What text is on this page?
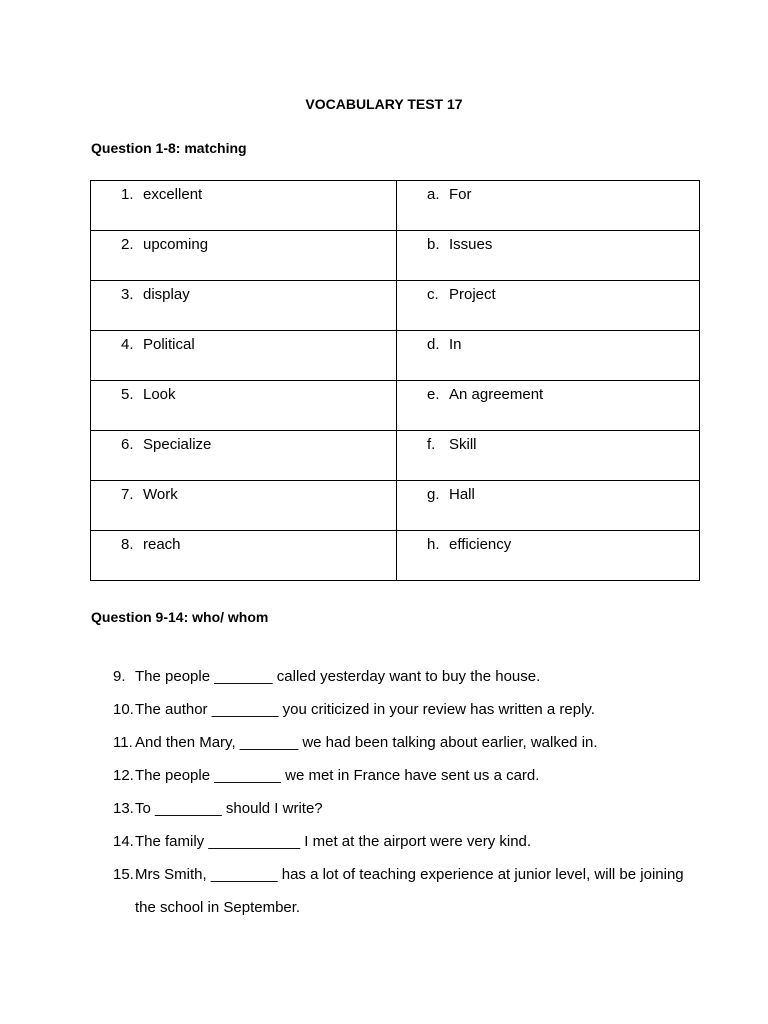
VOCABULARY TEST 17
Question 1-8: matching
1. excellent	a. For

2. upcoming	b. Issues

3. display	c. Project

4. Political	d. In

5. Look	e. An agreement

6. Specialize	f. Skill

7. Work	g. Hall

8. reach	h. efficiency
Question 9-14: who/ whom
9. The people _______ called yesterday want to buy the house.
10. The author ________ you criticized in your review has written a reply.
11. And then Mary, _______ we had been talking about earlier, walked in.
12. The people ________ we met in France have sent us a card.
13. To ________ should I write?
14. The family ___________ I met at the airport were very kind.
15. Mrs Smith, ________ has a lot of teaching experience at junior level, will be joining the school in September.
